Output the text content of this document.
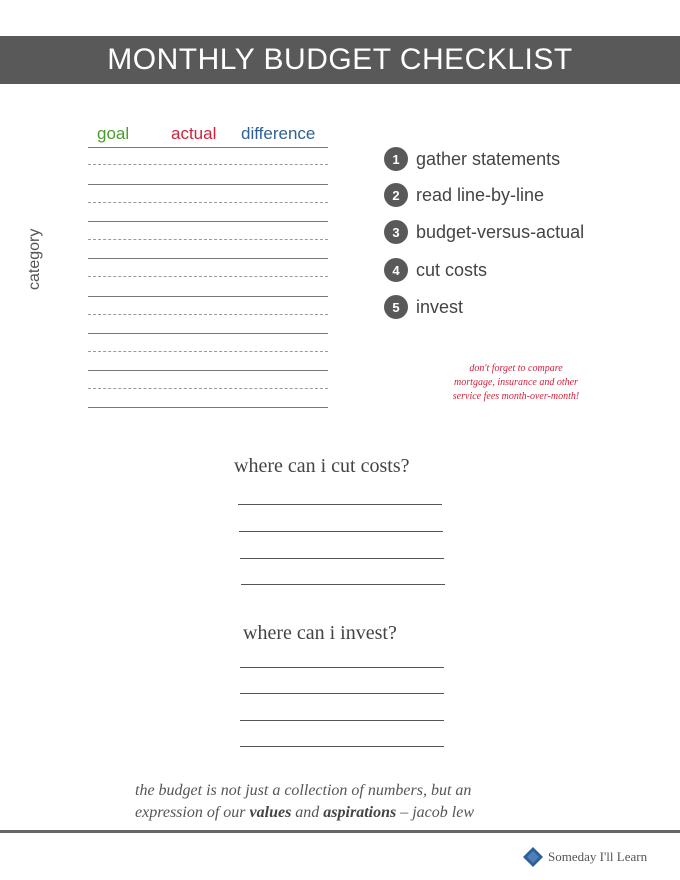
MONTHLY BUDGET CHECKLIST
category
goal actual difference
1 gather statements
2 read line-by-line
3 budget-versus-actual
4 cut costs
5 invest
don't forget to compare
mortgage, insurance and other
service fees month-over-month!
where can i cut costs?
where can i invest?
the budget is not just a collection of numbers, but an
expression of our values and aspirations – jacob lew
Someday I'll Learn
